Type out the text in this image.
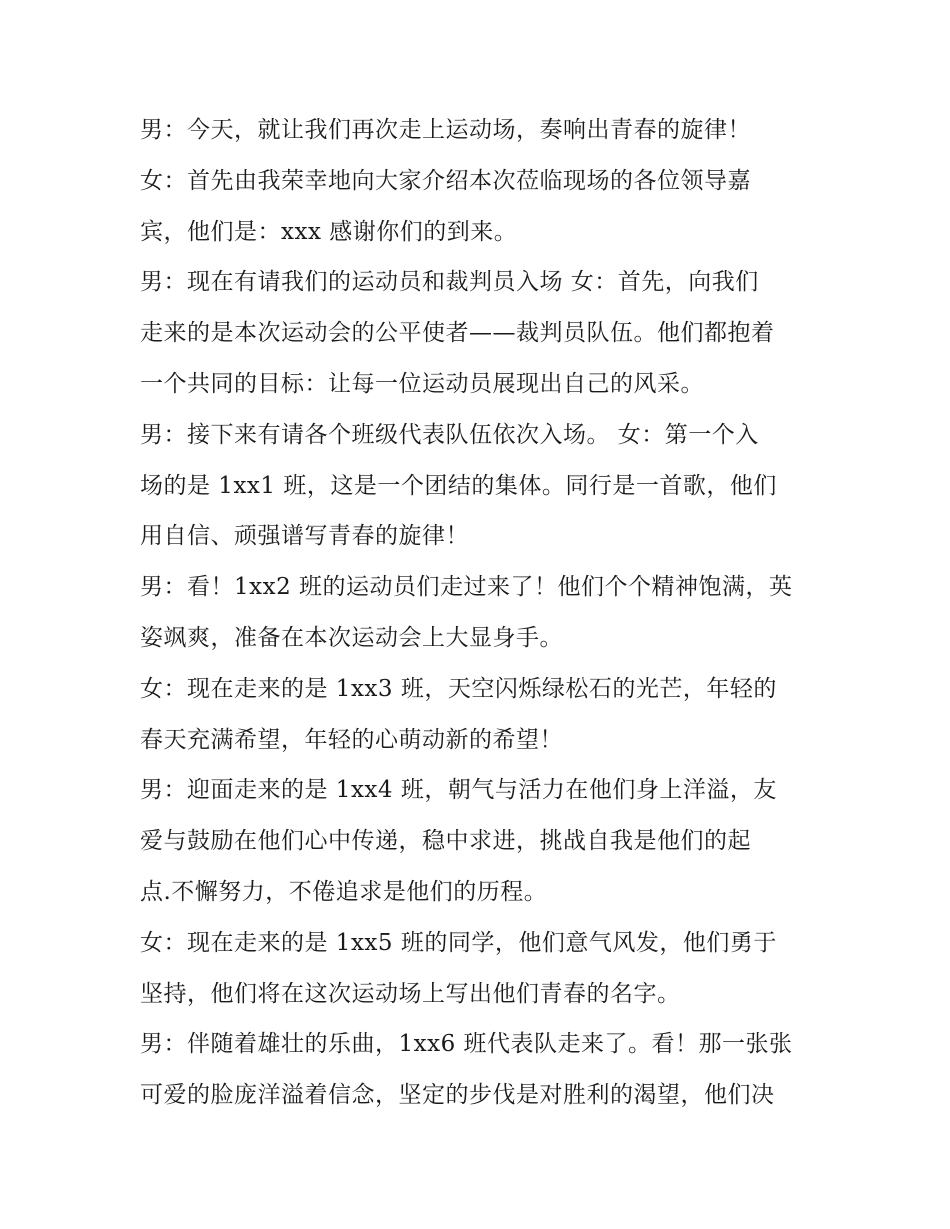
男：今天，就让我们再次走上运动场，奏响出青春的旋律！
女：首先由我荣幸地向大家介绍本次莅临现场的各位领导嘉
宾，他们是：xxx 感谢你们的到来。
男：现在有请我们的运动员和裁判员入场 女：首先，向我们
走来的是本次运动会的公平使者——裁判员队伍。他们都抱着
一个共同的目标：让每一位运动员展现出自己的风采。
男：接下来有请各个班级代表队伍依次入场。 女：第一个入
场的是 1xx1 班，这是一个团结的集体。同行是一首歌，他们
用自信、顽强谱写青春的旋律！
男：看！1xx2 班的运动员们走过来了！他们个个精神饱满，英
姿飒爽，准备在本次运动会上大显身手。
女：现在走来的是 1xx3 班，天空闪烁绿松石的光芒，年轻的
春天充满希望，年轻的心萌动新的希望！
男：迎面走来的是 1xx4 班，朝气与活力在他们身上洋溢，友
爱与鼓励在他们心中传递，稳中求进，挑战自我是他们的起
点.不懈努力，不倦追求是他们的历程。
女：现在走来的是 1xx5 班的同学，他们意气风发，他们勇于
坚持，他们将在这次运动场上写出他们青春的名字。
男：伴随着雄壮的乐曲，1xx6 班代表队走来了。看！那一张张
可爱的脸庞洋溢着信念，坚定的步伐是对胜利的渴望，他们决
